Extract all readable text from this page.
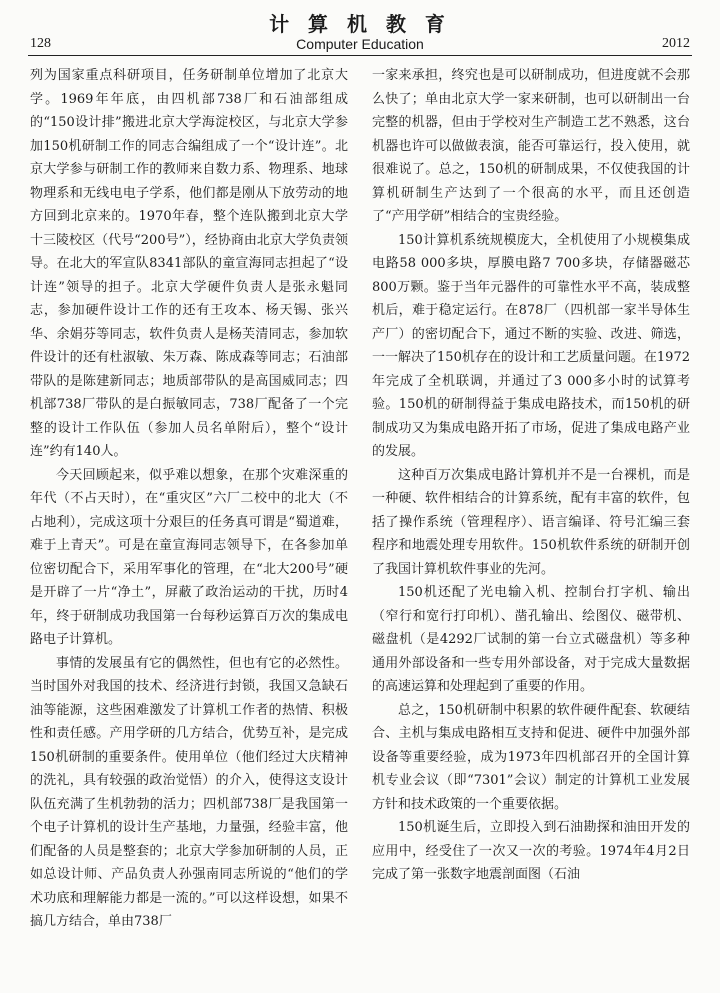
计 算 机 教 育
128	Computer Education	2012

列为国家重点科研项目，任务研制单位增加了北京大学。1969年年底，由四机部738厂和石油部组成的“150设计排”搬进北京大学海淀校区，与北京大学参加150机研制工作的同志合编组成了一个“设计连”。北京大学参与研制工作的教师来自数力系、物理系、地球物理系和无线电电子学系，他们都是刚从下放劳动的地方回到北京来的。1970年春，整个连队搬到北京大学十三陵校区（代号“200号”），经协商由北京大学负责领导。在北大的军宣队8341部队的童宣海同志担起了“设计连”领导的担子。北京大学硬件负责人是张永魁同志，参加硬件设计工作的还有王攻本、杨天锡、张兴华、余娟芬等同志，软件负责人是杨芙清同志，参加软件设计的还有杜淑敏、朱万森、陈成森等同志；石油部带队的是陈建新同志；地质部带队的是高国威同志；四机部738厂带队的是白振敏同志，738厂配备了一个完整的设计工作队伍（参加人员名单附后），整个“设计连”约有140人。

今天回顾起来，似乎难以想象，在那个灾难深重的年代（不占天时），在“重灾区”六厂二校中的北大（不占地利），完成这项十分艰巨的任务真可谓是“蜀道难，难于上青天”。可是在童宣海同志领导下，在各参加单位密切配合下，采用军事化的管理，在“北大200号”硬是开辟了一片“净土”，屏蔽了政治运动的干扰，历时4年，终于研制成功我国第一台每秒运算百万次的集成电路电子计算机。

事情的发展虽有它的偶然性，但也有它的必然性。当时国外对我国的技术、经济进行封锁，我国又急缺石油等能源，这些困难激发了计算机工作者的热情、积极性和责任感。产用学研的几方结合，优势互补，是完成150机研制的重要条件。使用单位（他们经过大庆精神的洗礼，具有较强的政治觉悟）的介入，使得这支设计队伍充满了生机勃勃的活力；四机部738厂是我国第一个电子计算机的设计生产基地，力量强，经验丰富，他们配备的人员是整套的；北京大学参加研制的人员，正如总设计师、产品负责人孙强南同志所说的“他们的学术功底和理解能力都是一流的。”可以这样设想，如果不搞几方结合，单由738厂

一家来承担，终究也是可以研制成功，但进度就不会那么快了；单由北京大学一家来研制，也可以研制出一台完整的机器，但由于学校对生产制造工艺不熟悉，这台机器也许可以做做表演，能否可靠运行，投入使用，就很难说了。总之，150机的研制成果，不仅使我国的计算机研制生产达到了一个很高的水平，而且还创造了“产用学研”相结合的宝贵经验。

150计算机系统规模庞大，全机使用了小规模集成电路58 000多块，厚膜电路7 700多块，存储器磁芯800万颗。鉴于当年元器件的可靠性水平不高，装成整机后，难于稳定运行。在878厂（四机部一家半导体生产厂）的密切配合下，通过不断的实验、改进、筛选，一一解决了150机存在的设计和工艺质量问题。在1972年完成了全机联调，并通过了3 000多小时的试算考验。150机的研制得益于集成电路技术，而150机的研制成功又为集成电路开拓了市场，促进了集成电路产业的发展。

这种百万次集成电路计算机并不是一台裸机，而是一种硬、软件相结合的计算系统，配有丰富的软件，包括了操作系统（管理程序）、语言编译、符号汇编三套程序和地震处理专用软件。150机软件系统的研制开创了我国计算机软件事业的先河。

150机还配了光电输入机、控制台打字机、输出（窄行和宽行打印机）、凿孔输出、绘图仪、磁带机、磁盘机（是4292厂试制的第一台立式磁盘机）等多种通用外部设备和一些专用外部设备，对于完成大量数据的高速运算和处理起到了重要的作用。

总之，150机研制中积累的软件硬件配套、软硬结合、主机与集成电路相互支持和促进、硬件中加强外部设备等重要经验，成为1973年四机部召开的全国计算机专业会议（即“7301”会议）制定的计算机工业发展方针和技术政策的一个重要依据。

150机诞生后，立即投入到石油勘探和油田开发的应用中，经受住了一次又一次的考验。1974年4月2日完成了第一张数字地震剖面图（石油
